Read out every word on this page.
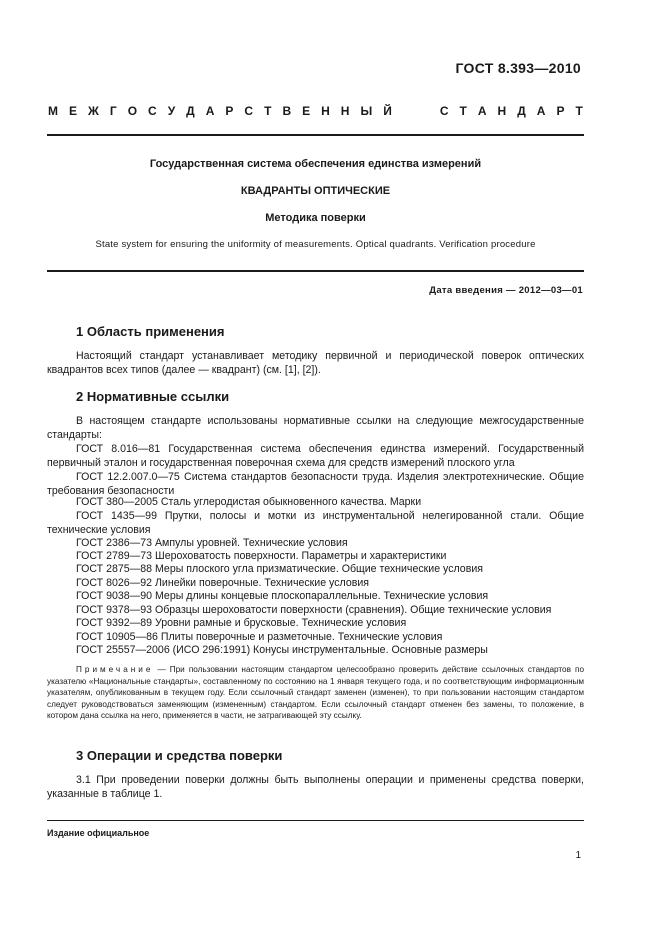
ГОСТ 8.393—2010
М Е Ж Г О С У Д А Р С Т В Е Н Н Ы Й	С Т А Н Д А Р Т
Государственная система обеспечения единства измерений
КВАДРАНТЫ ОПТИЧЕСКИЕ
Методика поверки
State system for ensuring the uniformity of measurements. Optical quadrants. Verification procedure
Дата введения — 2012—03—01
1 Область применения
Настоящий стандарт устанавливает методику первичной и периодической поверок оптических квадрантов всех типов (далее — квадрант) (см. [1], [2]).
2 Нормативные ссылки
В настоящем стандарте использованы нормативные ссылки на следующие межгосударственные стандарты:
ГОСТ 8.016—81 Государственная система обеспечения единства измерений. Государственный первичный эталон и государственная поверочная схема для средств измерений плоского угла
ГОСТ 12.2.007.0—75 Система стандартов безопасности труда. Изделия электротехнические. Общие требования безопасности
ГОСТ 380—2005 Сталь углеродистая обыкновенного качества. Марки
ГОСТ 1435—99 Прутки, полосы и мотки из инструментальной нелегированной стали. Общие технические условия
ГОСТ 2386—73 Ампулы уровней. Технические условия
ГОСТ 2789—73 Шероховатость поверхности. Параметры и характеристики
ГОСТ 2875—88 Меры плоского угла призматические. Общие технические условия
ГОСТ 8026—92 Линейки поверочные. Технические условия
ГОСТ 9038—90 Меры длины концевые плоскопараллельные. Технические условия
ГОСТ 9378—93 Образцы шероховатости поверхности (сравнения). Общие технические условия
ГОСТ 9392—89 Уровни рамные и брусковые. Технические условия
ГОСТ 10905—86 Плиты поверочные и разметочные. Технические условия
ГОСТ 25557—2006 (ИСО 296:1991) Конусы инструментальные. Основные размеры
Примечание — При пользовании настоящим стандартом целесообразно проверить действие ссылочных стандартов по указателю «Национальные стандарты», составленному по состоянию на 1 января текущего года, и по соответствующим информационным указателям, опубликованным в текущем году. Если ссылочный стандарт заменен (изменен), то при пользовании настоящим стандартом следует руководствоваться заменяющим (измененным) стандартом. Если ссылочный стандарт отменен без замены, то положение, в котором дана ссылка на него, применяется в части, не затрагивающей эту ссылку.
3 Операции и средства поверки
3.1 При проведении поверки должны быть выполнены операции и применены средства поверки, указанные в таблице 1.
Издание официальное
1
